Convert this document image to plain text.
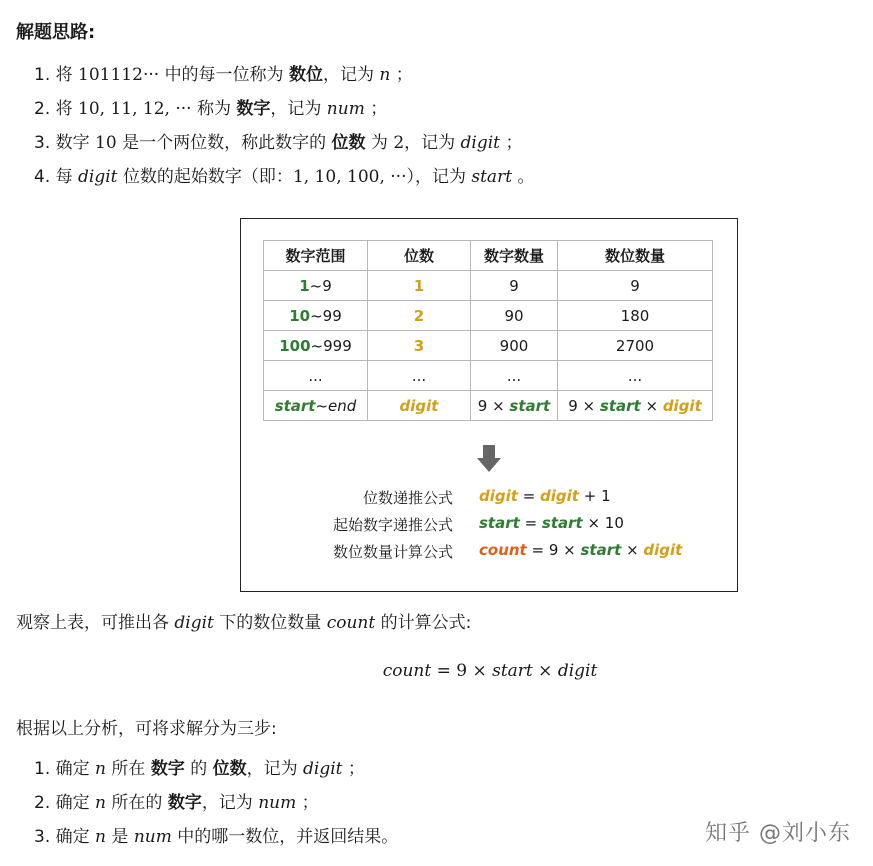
解题思路:
1. 将 101112··· 中的每一位称为 数位，记为 n ；
2. 将 10, 11, 12, ··· 称为 数字，记为 num ；
3. 数字 10 是一个两位数，称此数字的 位数 为 2，记为 digit ；
4. 每 digit 位数的起始数字（即：1, 10, 100, ···），记为 start 。
数字范围	位数	数字数量	数位数量
1~9	1	9	9
10~99	2	90	180
100~999	3	900	2700
...	...	...	...
start~end	digit	9 × start	9 × start × digit
位数递推公式 digit = digit + 1
起始数字递推公式 start = start × 10
数位数量计算公式 count = 9 × start × digit
观察上表，可推出各 digit 下的数位数量 count 的计算公式:
count = 9 × start × digit
根据以上分析，可将求解分为三步:
1. 确定 n 所在 数字 的 位数，记为 digit ；
2. 确定 n 所在的 数字，记为 num ；
3. 确定 n 是 num 中的哪一数位，并返回结果。	知乎 @刘小东
